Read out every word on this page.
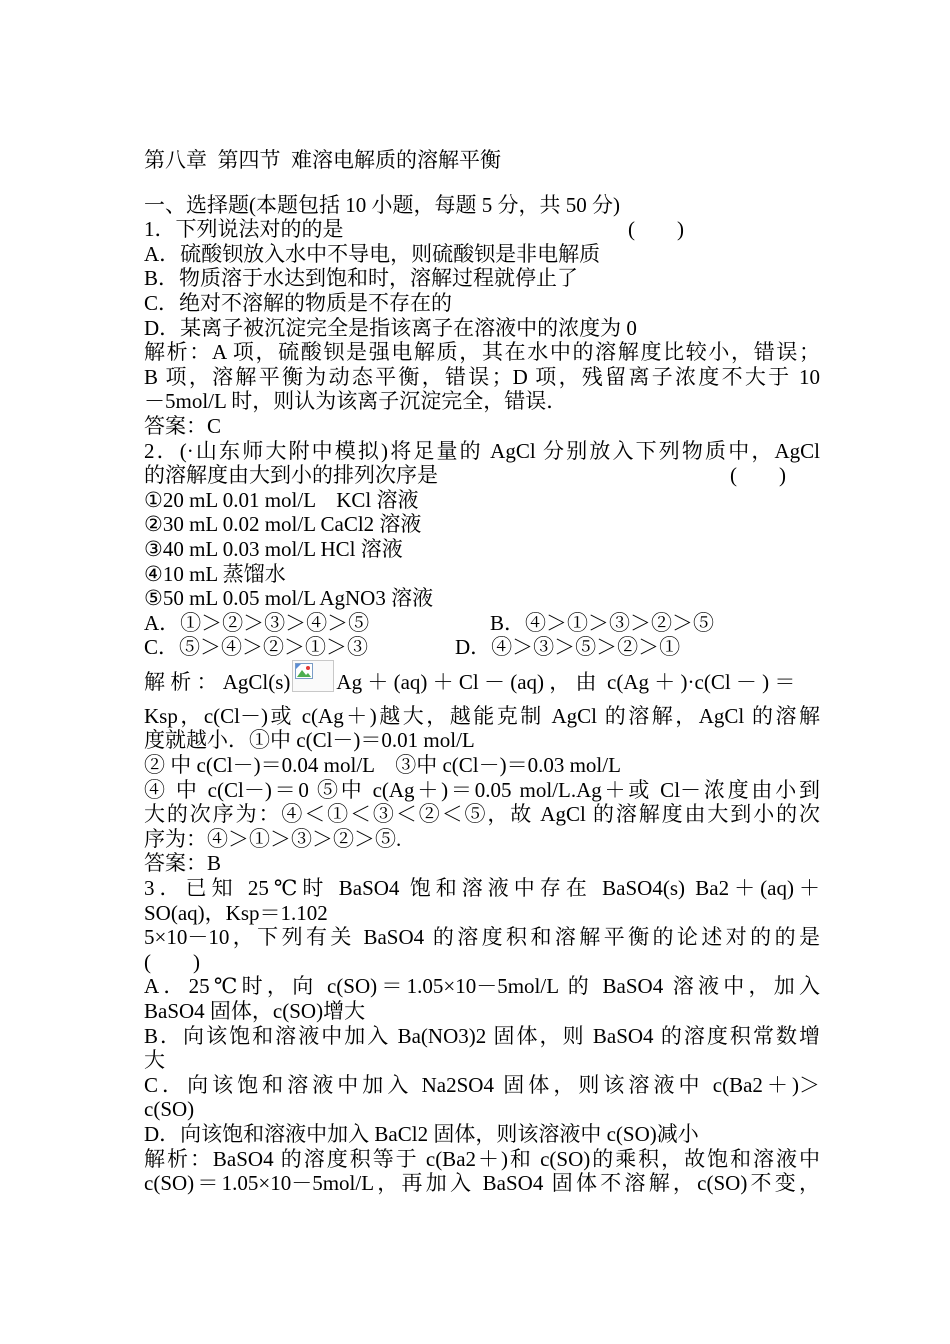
第八章  第四节  难溶电解质的溶解平衡
一、选择题(本题包括 10 小题，每题 5 分，共 50 分)
1．下列说法对的的是	(        )
A．硫酸钡放入水中不导电，则硫酸钡是非电解质
B．物质溶于水达到饱和时，溶解过程就停止了
C．绝对不溶解的物质是不存在的
D．某离子被沉淀完全是指该离子在溶液中的浓度为 0
解析：A 项，硫酸钡是强电解质，其在水中的溶解度比较小，错误；
B 项，溶解平衡为动态平衡，错误；D 项，残留离子浓度不大于 10
－5mol/L 时，则认为该离子沉淀完全，错误．
答案：C
2．(·山东师大附中模拟)将足量的 AgCl 分别放入下列物质中，AgCl
的溶解度由大到小的排列次序是	(        )
①20 mL 0.01 mol/L    KCl 溶液
②30 mL 0.02 mol/L CaCl2 溶液
③40 mL 0.03 mol/L HCl 溶液
④10 mL 蒸馏水
⑤50 mL 0.05 mol/L AgNO3 溶液
A．①＞②＞③＞④＞⑤	B．④＞①＞③＞②＞⑤
C．⑤＞④＞②＞①＞③	D．④＞③＞⑤＞②＞①
解 析 ： AgCl(s)

Ag ＋ (aq) ＋ Cl － (aq) ， 由  c(Ag ＋ )·c(Cl － ) ＝
Ksp，c(Cl－)或 c(Ag＋)越大，越能克制 AgCl 的溶解，AgCl 的溶解
度就越小．①中 c(Cl－)＝0.01 mol/L
② 中 c(Cl－)＝0.04 mol/L    ③中 c(Cl－)＝0.03 mol/L
④ 中 c(Cl－)＝0 ⑤中 c(Ag＋)＝0.05 mol/L.Ag＋或 Cl－浓度由小到
大的次序为：④＜①＜③＜②＜⑤，故 AgCl 的溶解度由大到小的次
序为：④＞①＞③＞②＞⑤.
答案：B
3．已知 25℃时 BaSO4 饱和溶液中存在 BaSO4(s) Ba2＋(aq)＋
SO(aq)，Ksp＝1.102
5×10－10，下列有关 BaSO4 的溶度积和溶解平衡的论述对的的是
(        )
A．25℃时，向 c(SO)＝1.05×10－5mol/L 的 BaSO4 溶液中，加入
BaSO4 固体，c(SO)增大
B．向该饱和溶液中加入 Ba(NO3)2 固体，则 BaSO4 的溶度积常数增
大
C．向该饱和溶液中加入 Na2SO4 固体，则该溶液中 c(Ba2＋)＞
c(SO)
D．向该饱和溶液中加入 BaCl2 固体，则该溶液中 c(SO)减小
解析：BaSO4 的溶度积等于 c(Ba2＋)和 c(SO)的乘积，故饱和溶液中
c(SO)＝1.05×10－5mol/L，再加入 BaSO4 固体不溶解，c(SO)不变，
